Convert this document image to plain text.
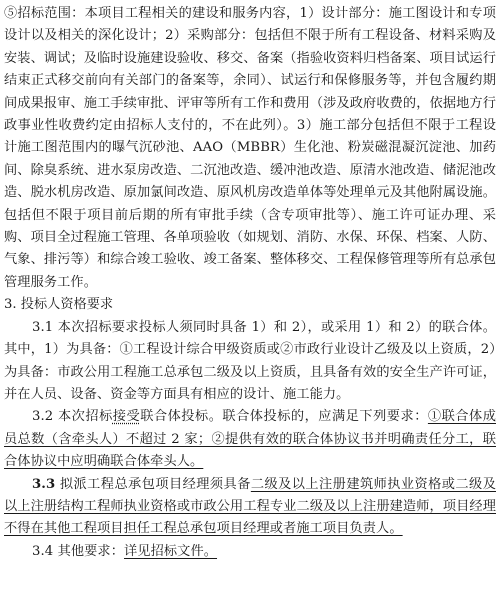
⑤招标范围：本项目工程相关的建设和服务内容，1）设计部分：施工图设计和专项设计以及相关的深化设计；2）采购部分：包括但不限于所有工程设备、材料采购及安装、调试；及临时设施建设验收、移交、备案（指验收资料归档备案、项目试运行结束正式移交前向有关部门的备案等，余同）、试运行和保修服务等，并包含履约期间成果报审、施工手续审批、评审等所有工作和费用（涉及政府收费的，依据地方行政事业性收费约定由招标人支付的，不在此列）。3）施工部分包括但不限于工程设计施工图范围内的曝气沉砂池、AAO（MBBR）生化池、粉炭磁混凝沉淀池、加药间、除臭系统、进水泵房改造、二沉池改造、缓冲池改造、原清水池改造、储泥池改造、脱水机房改造、原加氯间改造、原风机房改造单体等处理单元及其他附属设施。包括但不限于项目前后期的所有审批手续（含专项审批等）、施工许可证办理、采购、项目全过程施工管理、各单项验收（如规划、消防、水保、环保、档案、人防、气象、排污等）和综合竣工验收、竣工备案、整体移交、工程保修管理等所有总承包管理服务工作。

3. 投标人资格要求

3.1 本次招标要求投标人须同时具备 1）和 2），或采用 1）和 2）的联合体。其中，1）为具备：①工程设计综合甲级资质或②市政行业设计乙级及以上资质，2）为具备：市政公用工程施工总承包二级及以上资质，且具备有效的安全生产许可证，并在人员、设备、资金等方面具有相应的设计、施工能力。

3.2 本次招标接受联合体投标。联合体投标的，应满足下列要求：①联合体成员总数（含牵头人）不超过 2 家；②提供有效的联合体协议书并明确责任分工，联合体协议中应明确联合体牵头人。

3.3 拟派工程总承包项目经理须具备二级及以上注册建筑师执业资格或二级及以上注册结构工程师执业资格或市政公用工程专业二级及以上注册建造师，项目经理不得在其他工程项目担任工程总承包项目经理或者施工项目负责人。

3.4 其他要求：详见招标文件。
